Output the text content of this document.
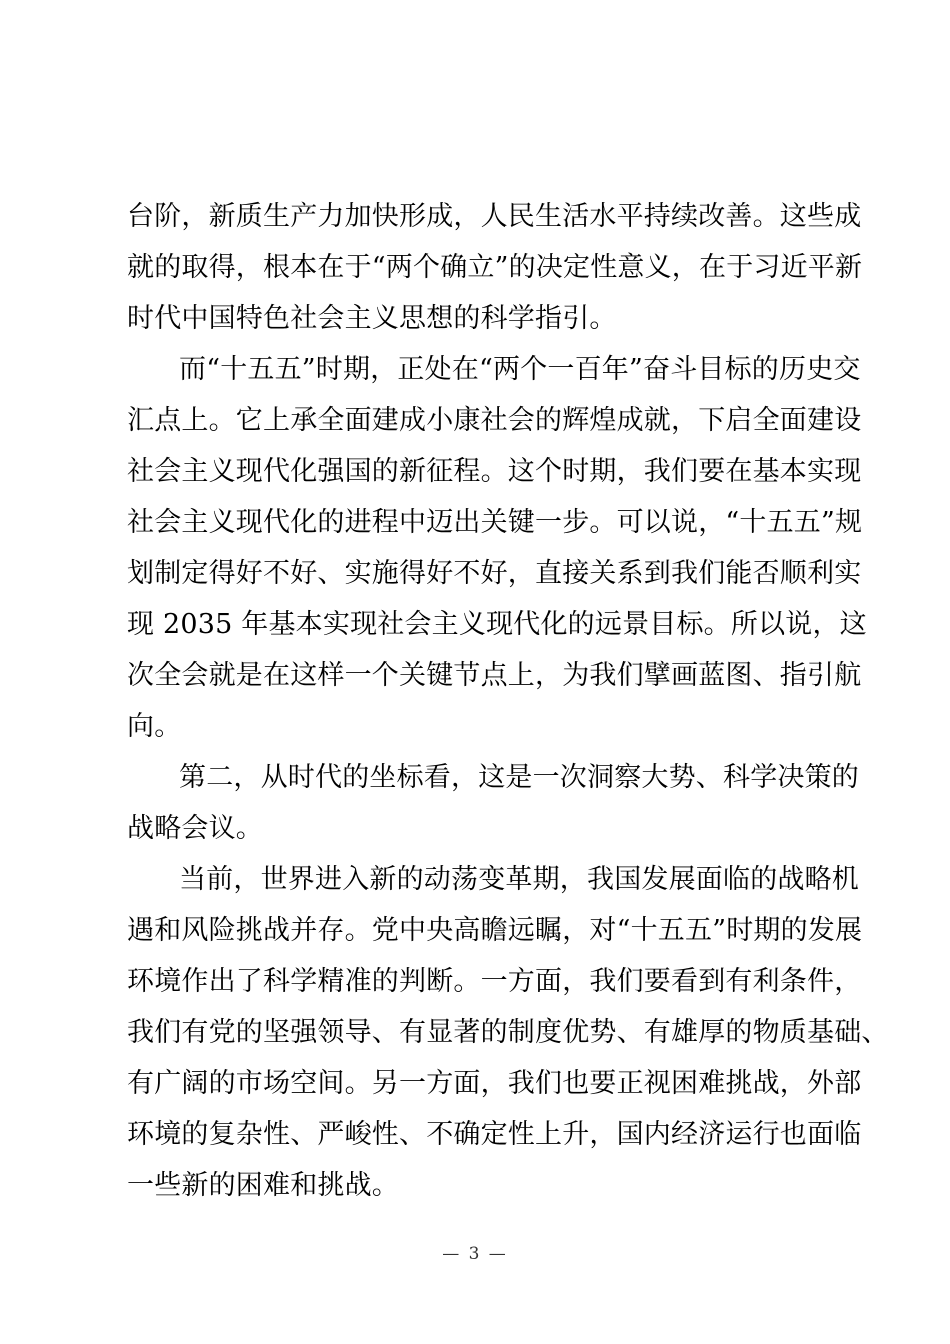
台阶，新质生产力加快形成，人民生活水平持续改善。这些成
就的取得，根本在于“两个确立”的决定性意义，在于习近平新
时代中国特色社会主义思想的科学指引。
而“十五五”时期，正处在“两个一百年”奋斗目标的历史交
汇点上。它上承全面建成小康社会的辉煌成就，下启全面建设
社会主义现代化强国的新征程。这个时期，我们要在基本实现
社会主义现代化的进程中迈出关键一步。可以说，“十五五”规
划制定得好不好、实施得好不好，直接关系到我们能否顺利实
现 2035 年基本实现社会主义现代化的远景目标。所以说，这
次全会就是在这样一个关键节点上，为我们擘画蓝图、指引航
向。
第二，从时代的坐标看，这是一次洞察大势、科学决策的
战略会议。
当前，世界进入新的动荡变革期，我国发展面临的战略机
遇和风险挑战并存。党中央高瞻远瞩，对“十五五”时期的发展
环境作出了科学精准的判断。一方面，我们要看到有利条件，
我们有党的坚强领导、有显著的制度优势、有雄厚的物质基础、
有广阔的市场空间。另一方面，我们也要正视困难挑战，外部
环境的复杂性、严峻性、不确定性上升，国内经济运行也面临
一些新的困难和挑战。
— 3 —
